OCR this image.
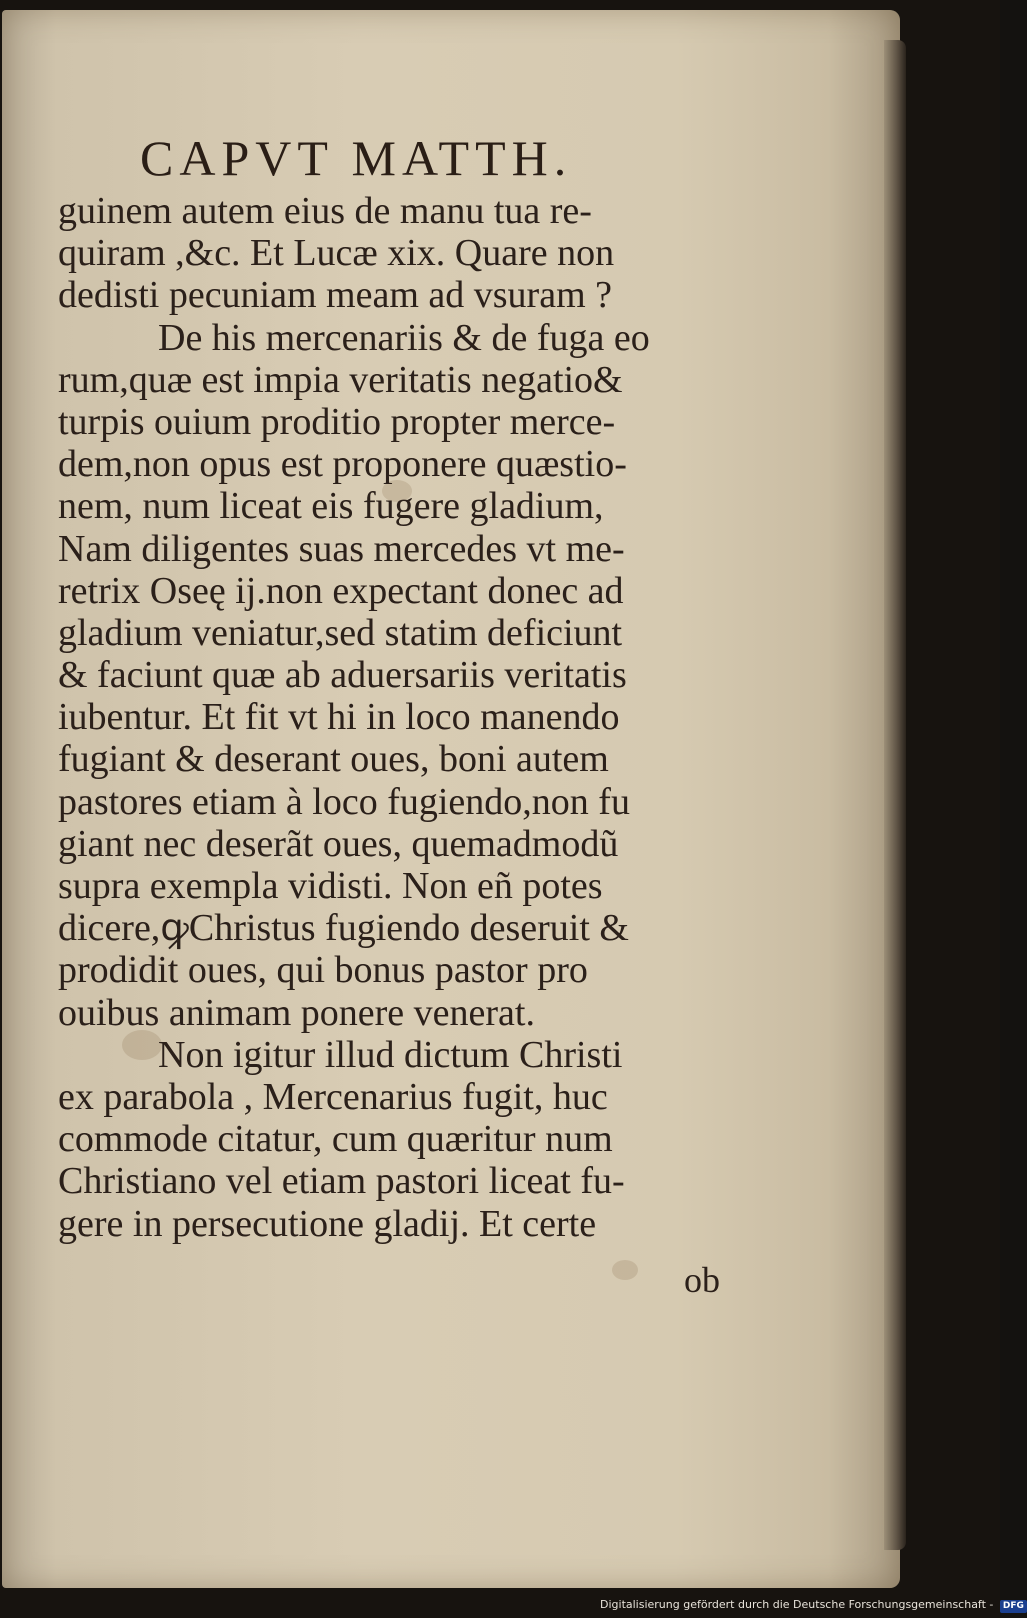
CAPVT MATTH.
guinem autem eius de manu tua re-
quiram ,&c. Et Lucæ xix. Quare non
dedisti pecuniam meam ad vsuram ?
De his mercenariis & de fuga eo
rum,quæ est impia veritatis negatio&
turpis ouium proditio propter merce-
dem,non opus est proponere quæstio-
nem, num liceat eis fugere gladium,
Nam diligentes suas mercedes vt me-
retrix Oseę ij.non expectant donec ad
gladium veniatur,sed statim deficiunt
& faciunt quæ ab aduersariis veritatis
iubentur. Et fit vt hi in loco manendo
fugiant & deserant oues, boni autem
pastores etiam à loco fugiendo,non fu
giant nec deserãt oues, quemadmodũ
supra exempla vidisti. Non eñ potes
dicere,ꝙChristus fugiendo deseruit &
prodidit oues, qui bonus pastor pro
ouibus animam ponere venerat.
Non igitur illud dictum Christi
ex parabola , Mercenarius fugit, huc
commode citatur, cum quæritur num
Christiano vel etiam pastori liceat fu-
gere in persecutione gladij. Et certe
ob
Digitalisierung gefördert durch die Deutsche Forschungsgemeinschaft - DFG
